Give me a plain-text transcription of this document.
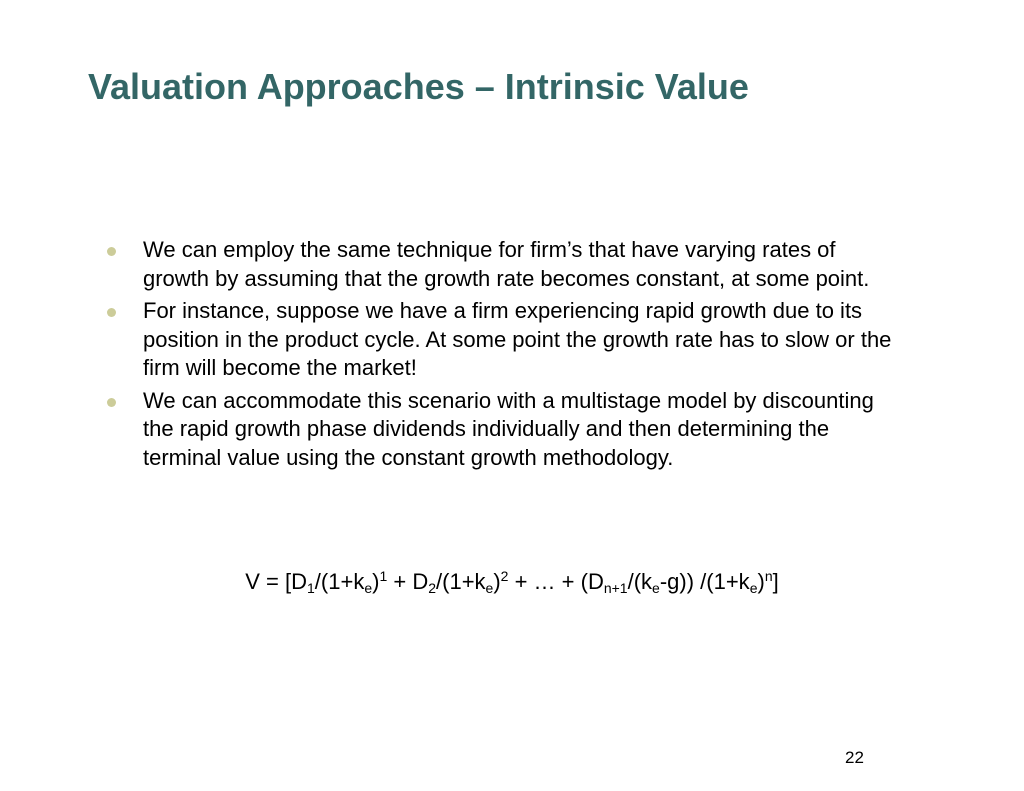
Valuation Approaches – Intrinsic Value
We can employ the same technique for firm’s that have varying rates of growth by assuming that the growth rate becomes constant, at some point.
For instance, suppose we have a firm experiencing rapid growth due to its position in the product cycle. At some point the growth rate has to slow or the firm will become the market!
We can accommodate this scenario with a multistage model by discounting the rapid growth phase dividends individually and then determining the terminal value using the constant growth methodology.
$V = [D_1/(1+k_e)^1 + D_2/(1+k_e)^2$ + … + $(D_{n+1}/(k_e-g))$ $/(1+k_e)^n$]
22
